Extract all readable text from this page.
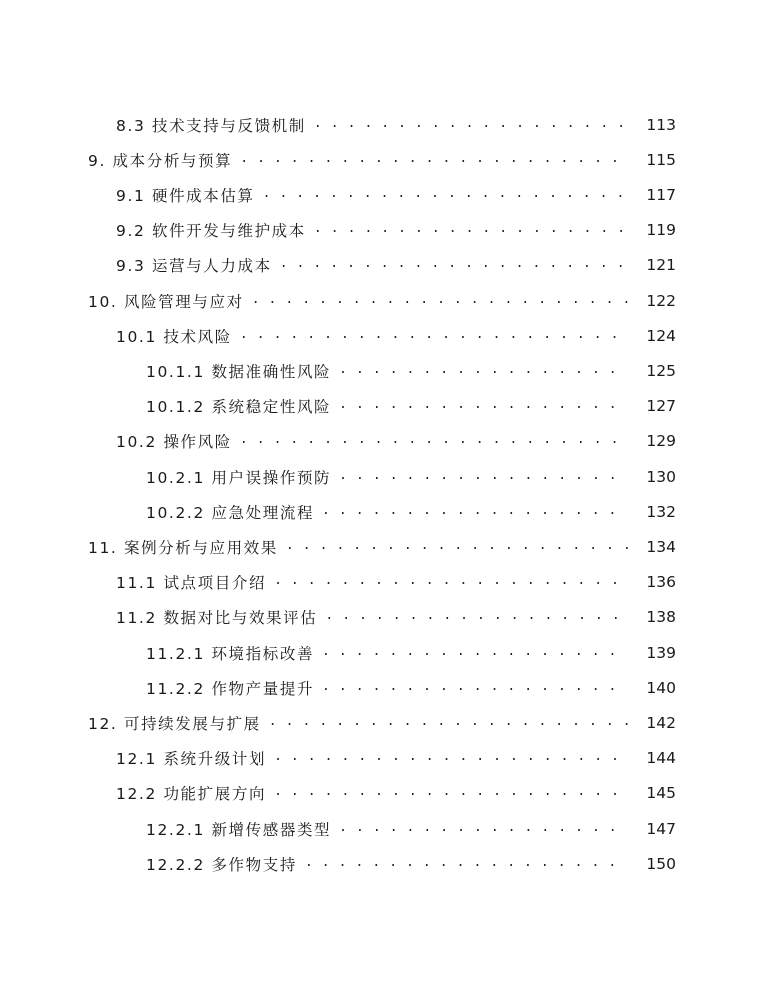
8.3 技术支持与反馈机制 . . .	113
9. 成本分析与预算 . . .	115
9.1 硬件成本估算 . . .	117
9.2 软件开发与维护成本 . . .	119
9.3 运营与人力成本 . . .	121
10. 风险管理与应对 . . .	122
10.1 技术风险 . . .	124
10.1.1 数据准确性风险 . . .	125
10.1.2 系统稳定性风险 . . .	127
10.2 操作风险 . . .	129
10.2.1 用户误操作预防 . . .	130
10.2.2 应急处理流程 . . .	132
11. 案例分析与应用效果 . . .	134
11.1 试点项目介绍 . . .	136
11.2 数据对比与效果评估 . . .	138
11.2.1 环境指标改善 . . .	139
11.2.2 作物产量提升 . . .	140
12. 可持续发展与扩展 . . .	142
12.1 系统升级计划 . . .	144
12.2 功能扩展方向 . . .	145
12.2.1 新增传感器类型 . . .	147
12.2.2 多作物支持 . . .	150
